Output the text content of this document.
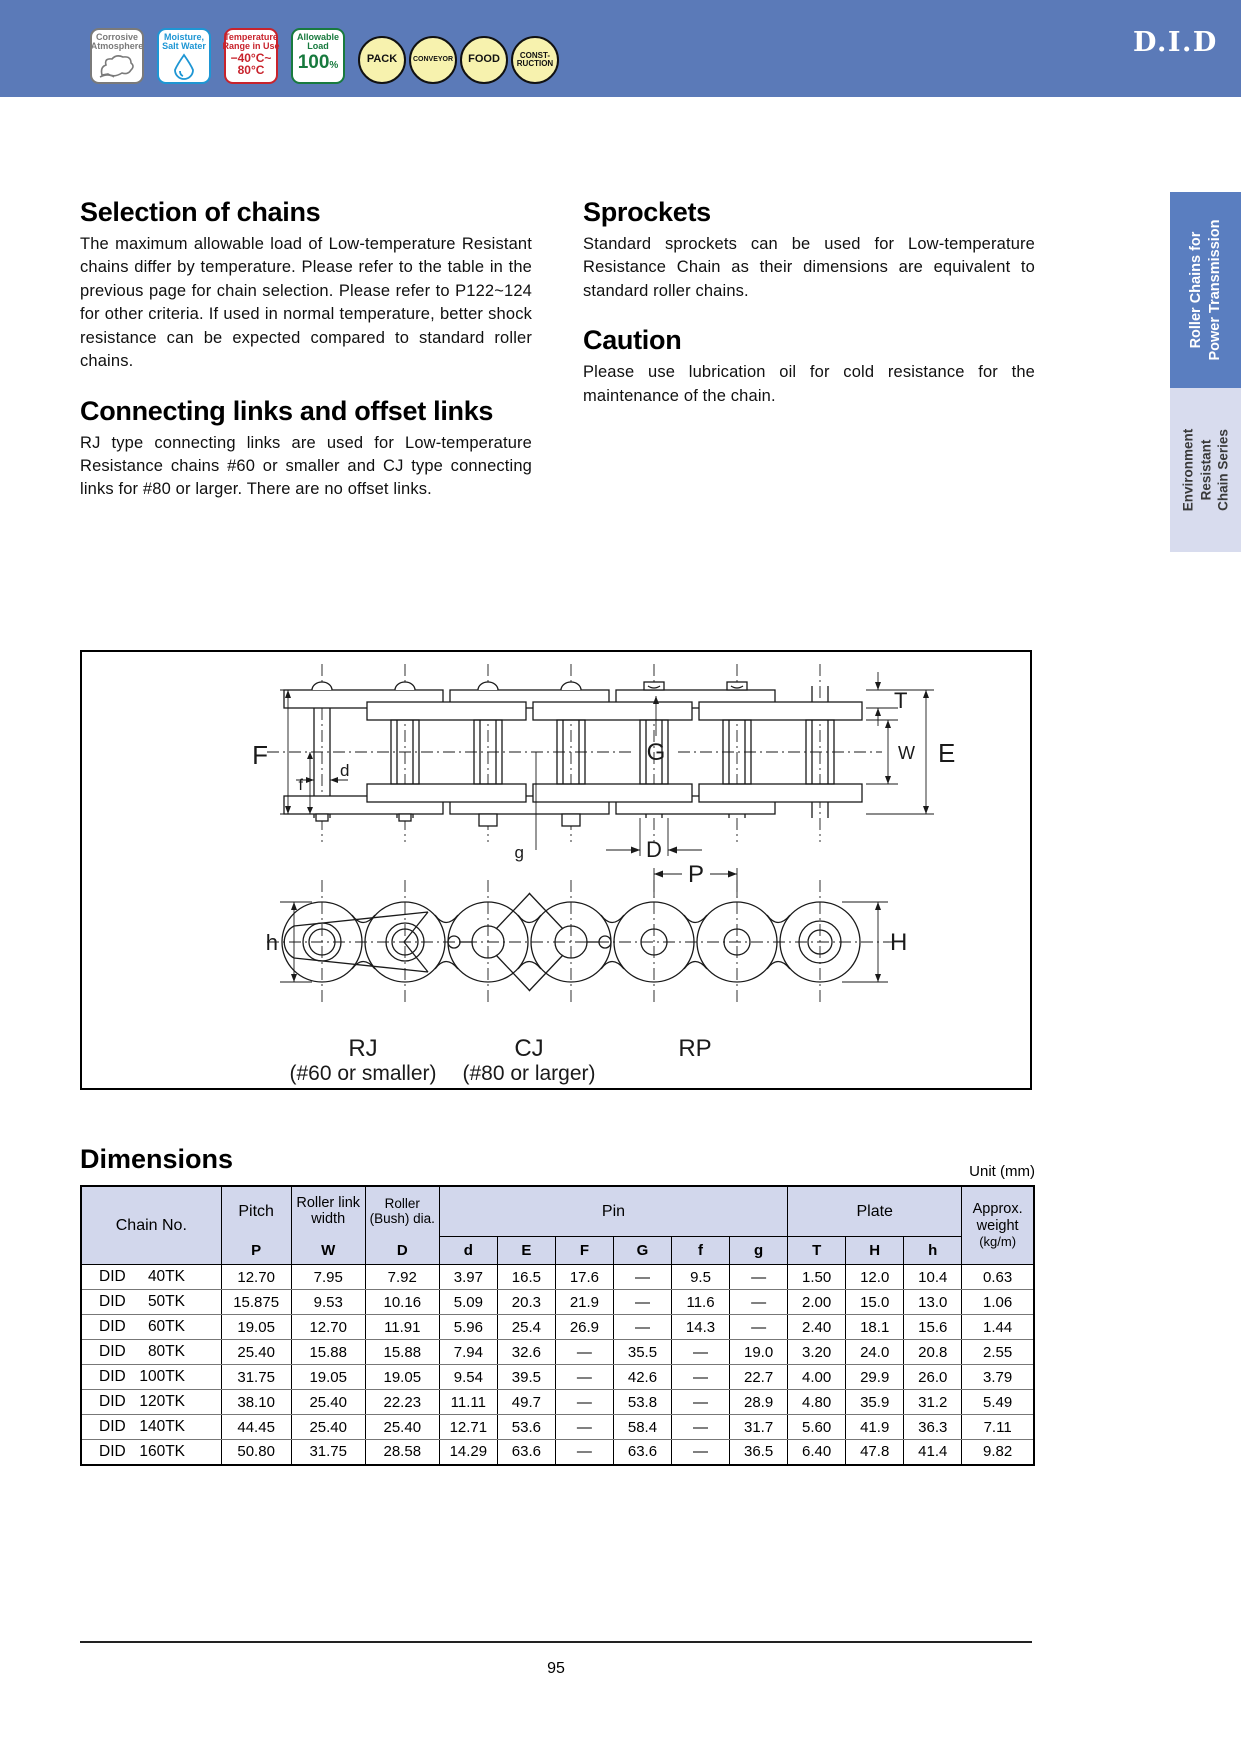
Corrosive
Atmosphere
Moisture,
Salt Water
Temperature
Range in Use
−40°C~
80°C
Allowable
Load
100%
PACK CONVEYOR FOOD CONST-
RUCTION
D.I.D
Roller Chains for Power Transmission
Environment Resistant Chain Series
Selection of chains

The maximum allowable load of Low-temperature Resistant chains differ by temperature. Please refer to the table in the previous page for chain selection. Please refer to P122~124 for other criteria. If used in normal temperature, better shock resistance can be expected compared to standard roller chains.

Connecting links and offset links

RJ type connecting links are used for Low-temperature Resistance chains #60 or smaller and CJ type connecting links for #80 or larger. There are no offset links.

Sprockets

Standard sprockets can be used for Low-temperature Resistance Chain as their dimensions are equivalent to standard roller chains.

Caution

Please use lubrication oil for cold resistance for the maintenance of the chain.

F
f
d
G
g	D
T
W E
P
h	H
RJ
(#60 or smaller)
CJ
(#80 or larger)
RP
Dimensions	Unit (mm)
Chain No.	
Pitch
P

Roller link width
W

Roller (Bush) dia.
D
	Pin	Plate	Approx.
weight
(kg/m)

				d	E	F	G	f	g	T	H	h	

DID 40TK	12.70	7.95	7.92	3.97	16.5	17.6	—	9.5	—	1.50	12.0	10.4	0.63

DID 50TK	15.875	9.53	10.16	5.09	20.3	21.9	—	11.6	—	2.00	15.0	13.0	1.06

DID 60TK	19.05	12.70	11.91	5.96	25.4	26.9	—	14.3	—	2.40	18.1	15.6	1.44

DID 80TK	25.40	15.88	15.88	7.94	32.6	—	35.5	—	19.0	3.20	24.0	20.8	2.55

DID 100TK	31.75	19.05	19.05	9.54	39.5	—	42.6	—	22.7	4.00	29.9	26.0	3.79

DID 120TK	38.10	25.40	22.23	11.11	49.7	—	53.8	—	28.9	4.80	35.9	31.2	5.49

DID 140TK	44.45	25.40	25.40	12.71	53.6	—	58.4	—	31.7	5.60	41.9	36.3	7.11

DID 160TK	50.80	31.75	28.58	14.29	63.6	—	63.6	—	36.5	6.40	47.8	41.4	9.82
95
